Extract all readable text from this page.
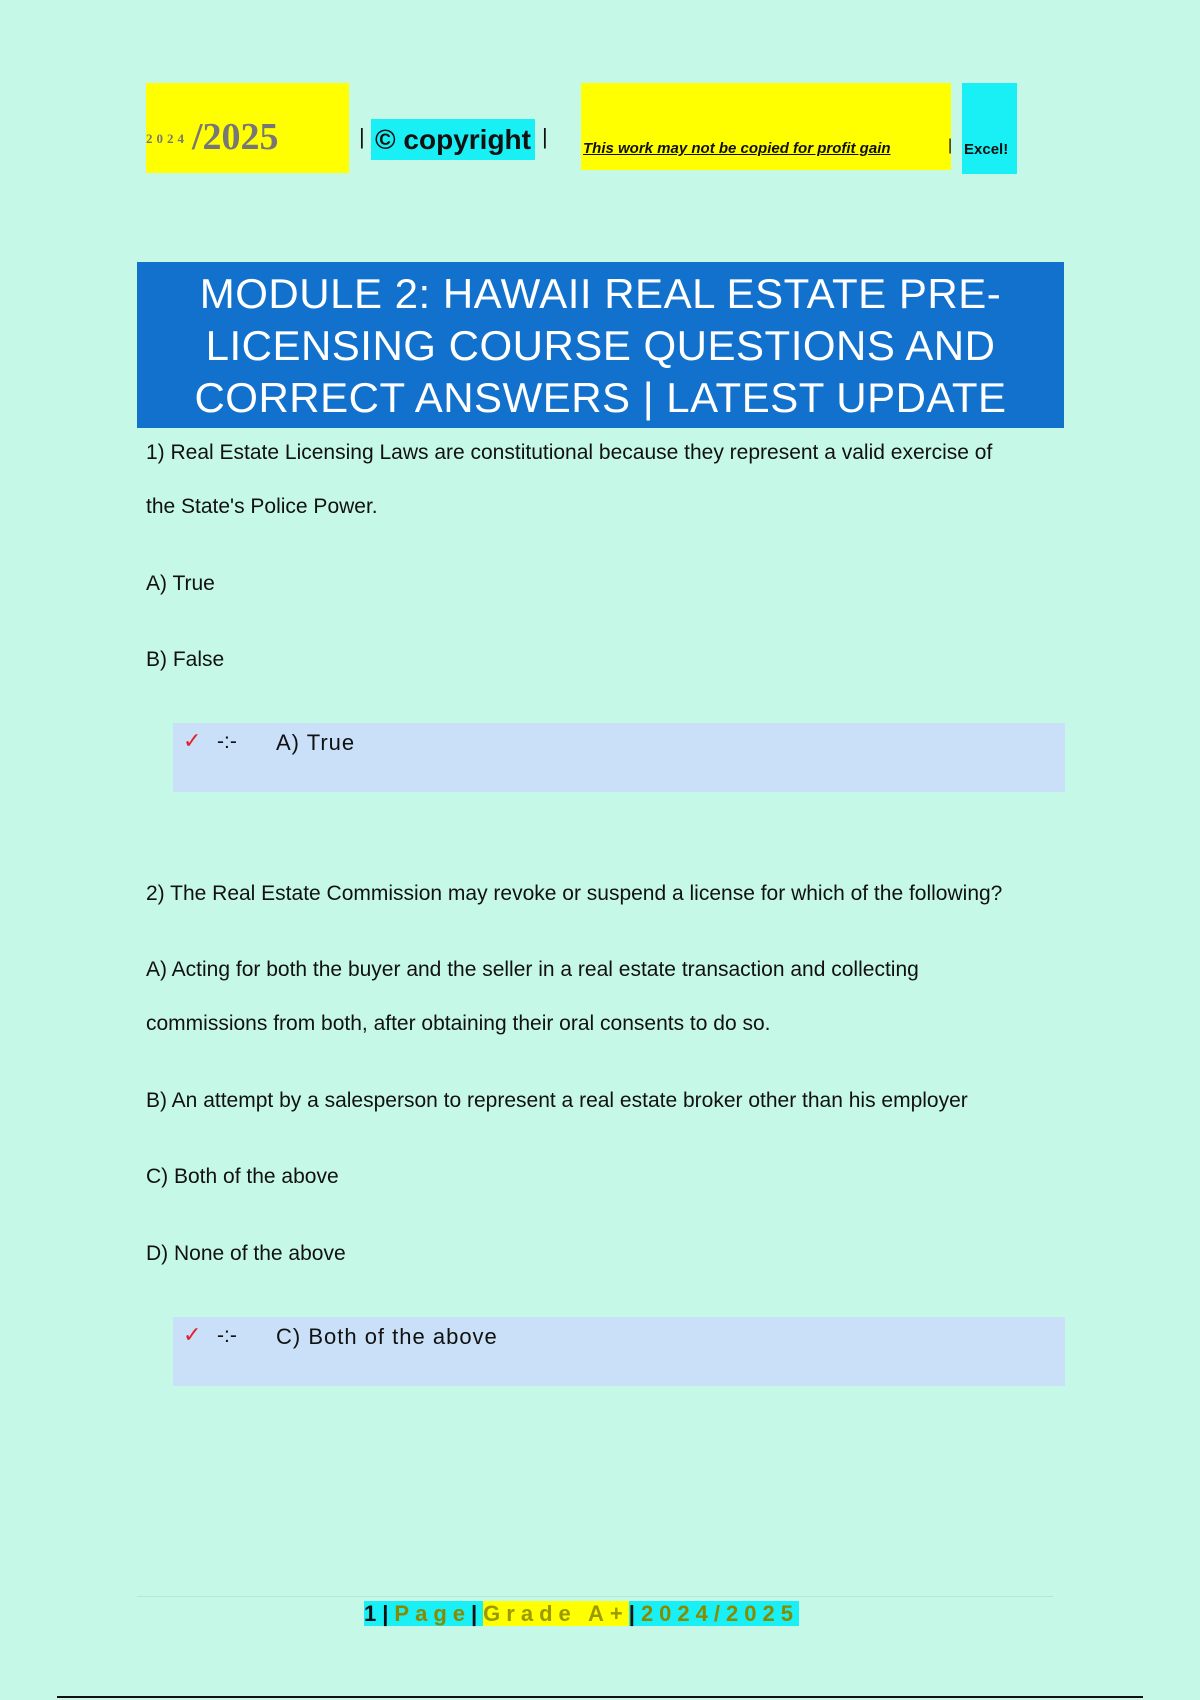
2024 /2025	| © copyright | This work may not be copied for profit gain	| Excel!
MODULE 2: HAWAII REAL ESTATE PRE-
LICENSING COURSE QUESTIONS AND
CORRECT ANSWERS | LATEST UPDATE
1) Real Estate Licensing Laws are constitutional because they represent a valid exercise of
the State's Police Power.
A) True
B) False
✓ -:- A) True
2) The Real Estate Commission may revoke or suspend a license for which of the following?
A) Acting for both the buyer and the seller in a real estate transaction and collecting
commissions from both, after obtaining their oral consents to do so.
B) An attempt by a salesperson to represent a real estate broker other than his employer
C) Both of the above
D) None of the above
✓ -:- C) Both of the above
1|Page|Grade A+|2024/2025
